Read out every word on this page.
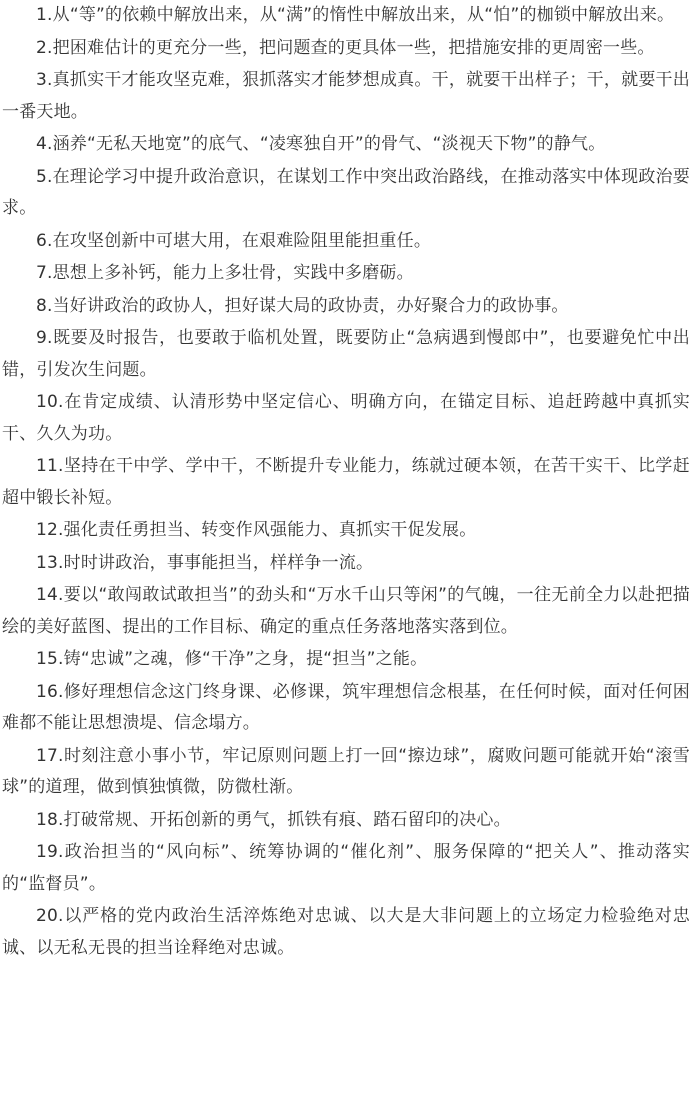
1.从“等”的依赖中解放出来，从“满”的惰性中解放出来，从“怕”的枷锁中解放出来。

2.把困难估计的更充分一些，把问题查的更具体一些，把措施安排的更周密一些。

3.真抓实干才能攻坚克难，狠抓落实才能梦想成真。干，就要干出样子；干，就要干出一番天地。

4.涵养“无私天地宽”的底气、“凌寒独自开”的骨气、“淡视天下物”的静气。

5.在理论学习中提升政治意识，在谋划工作中突出政治路线，在推动落实中体现政治要求。

6.在攻坚创新中可堪大用，在艰难险阻里能担重任。

7.思想上多补钙，能力上多壮骨，实践中多磨砺。

8.当好讲政治的政协人，担好谋大局的政协责，办好聚合力的政协事。

9.既要及时报告，也要敢于临机处置，既要防止“急病遇到慢郎中”，也要避免忙中出错，引发次生问题。

10.在肯定成绩、认清形势中坚定信心、明确方向，在锚定目标、追赶跨越中真抓实干、久久为功。

11.坚持在干中学、学中干，不断提升专业能力，练就过硬本领，在苦干实干、比学赶超中锻长补短。

12.强化责任勇担当、转变作风强能力、真抓实干促发展。

13.时时讲政治，事事能担当，样样争一流。

14.要以“敢闯敢试敢担当”的劲头和“万水千山只等闲”的气魄，一往无前全力以赴把描绘的美好蓝图、提出的工作目标、确定的重点任务落地落实落到位。

15.铸“忠诚”之魂，修“干净”之身，提“担当”之能。

16.修好理想信念这门终身课、必修课，筑牢理想信念根基，在任何时候，面对任何困难都不能让思想溃堤、信念塌方。

17.时刻注意小事小节，牢记原则问题上打一回“擦边球”，腐败问题可能就开始“滚雪球”的道理，做到慎独慎微，防微杜渐。

18.打破常规、开拓创新的勇气，抓铁有痕、踏石留印的决心。

19.政治担当的“风向标”、统筹协调的“催化剂”、服务保障的“把关人”、推动落实的“监督员”。

20.以严格的党内政治生活淬炼绝对忠诚、以大是大非问题上的立场定力检验绝对忠诚、以无私无畏的担当诠释绝对忠诚。
